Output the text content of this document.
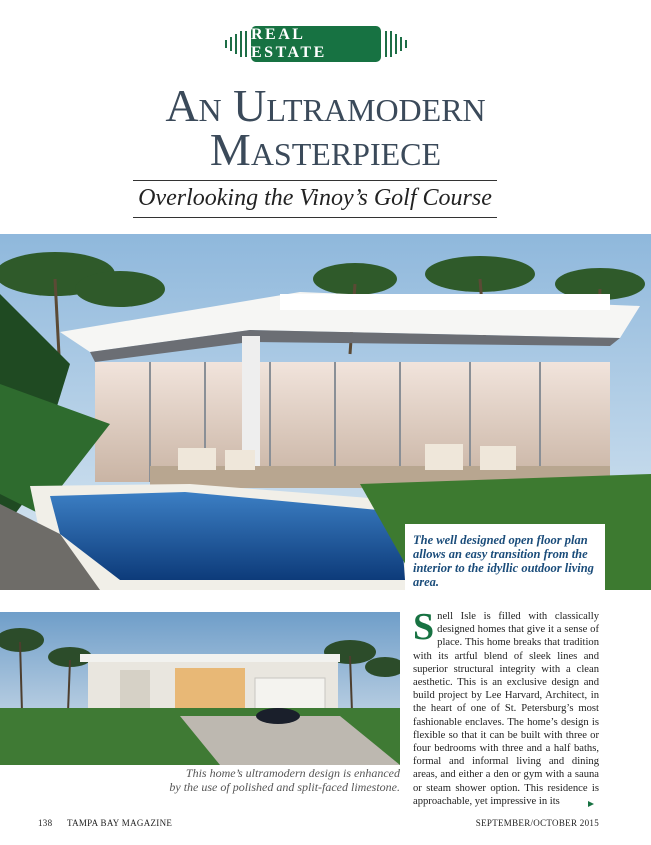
REAL ESTATE
An Ultramodern
Masterpiece
Overlooking the Vinoy’s Golf Course
The well designed open floor plan allows an easy transition from the interior to the idyllic outdoor living area.
This home’s ultramodern design is enhanced
by the use of polished and split-faced limestone.
Snell Isle is filled with classically designed homes that give it a sense of place. This home breaks that tradition with its artful blend of sleek lines and superior structural integrity with a clean aesthetic. This is an exclusive design and build project by Lee Harvard, Architect, in the heart of one of St. Petersburg’s most fashionable enclaves. The home’s design is flexible so that it can be built with three or four bedrooms with three and a half baths, formal and informal living and dining areas, and either a den or gym with a sauna or steam shower option. This residence is approachable, yet impressive in its
138 TAMPA BAY MAGAZINE	SEPTEMBER/OCTOBER 2015
